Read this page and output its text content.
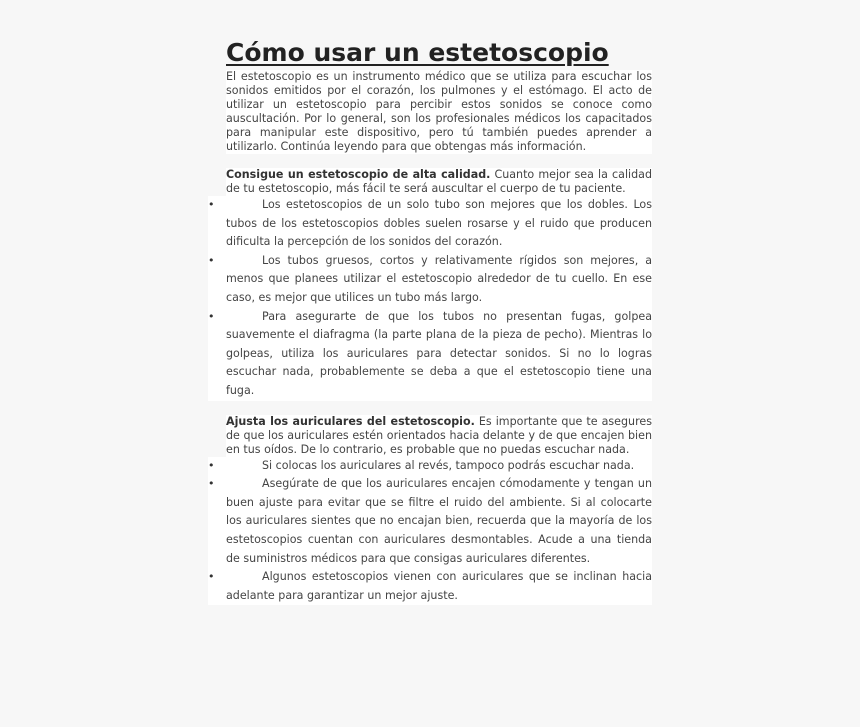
Cómo usar un estetoscopio

El estetoscopio es un instrumento médico que se utiliza para escuchar los sonidos emitidos por el corazón, los pulmones y el estómago. El acto de utilizar un estetoscopio para percibir estos sonidos se conoce como auscultación. Por lo general, son los profesionales médicos los capacitados para manipular este dispositivo, pero tú también puedes aprender a utilizarlo. Continúa leyendo para que obtengas más información.

Consigue un estetoscopio de alta calidad. Cuanto mejor sea la calidad de tu estetoscopio, más fácil te será auscultar el cuerpo de tu paciente.

•	Los estetoscopios de un solo tubo son mejores que los dobles. Los tubos de los estetoscopios dobles suelen rosarse y el ruido que producen dificulta la percepción de los sonidos del corazón.
•	Los tubos gruesos, cortos y relativamente rígidos son mejores, a menos que planees utilizar el estetoscopio alrededor de tu cuello. En ese caso, es mejor que utilices un tubo más largo.
•	Para asegurarte de que los tubos no presentan fugas, golpea suavemente el diafragma (la parte plana de la pieza de pecho). Mientras lo golpeas, utiliza los auriculares para detectar sonidos. Si no lo logras escuchar nada, probablemente se deba a que el estetoscopio tiene una fuga.

Ajusta los auriculares del estetoscopio. Es importante que te asegures de que los auriculares estén orientados hacia delante y de que encajen bien en tus oídos. De lo contrario, es probable que no puedas escuchar nada.

•	Si colocas los auriculares al revés, tampoco podrás escuchar nada.
•	Asegúrate de que los auriculares encajen cómodamente y tengan un buen ajuste para evitar que se filtre el ruido del ambiente. Si al colocarte los auriculares sientes que no encajan bien, recuerda que la mayoría de los estetoscopios cuentan con auriculares desmontables. Acude a una tienda de suministros médicos para que consigas auriculares diferentes.
•	Algunos estetoscopios vienen con auriculares que se inclinan hacia adelante para garantizar un mejor ajuste.
